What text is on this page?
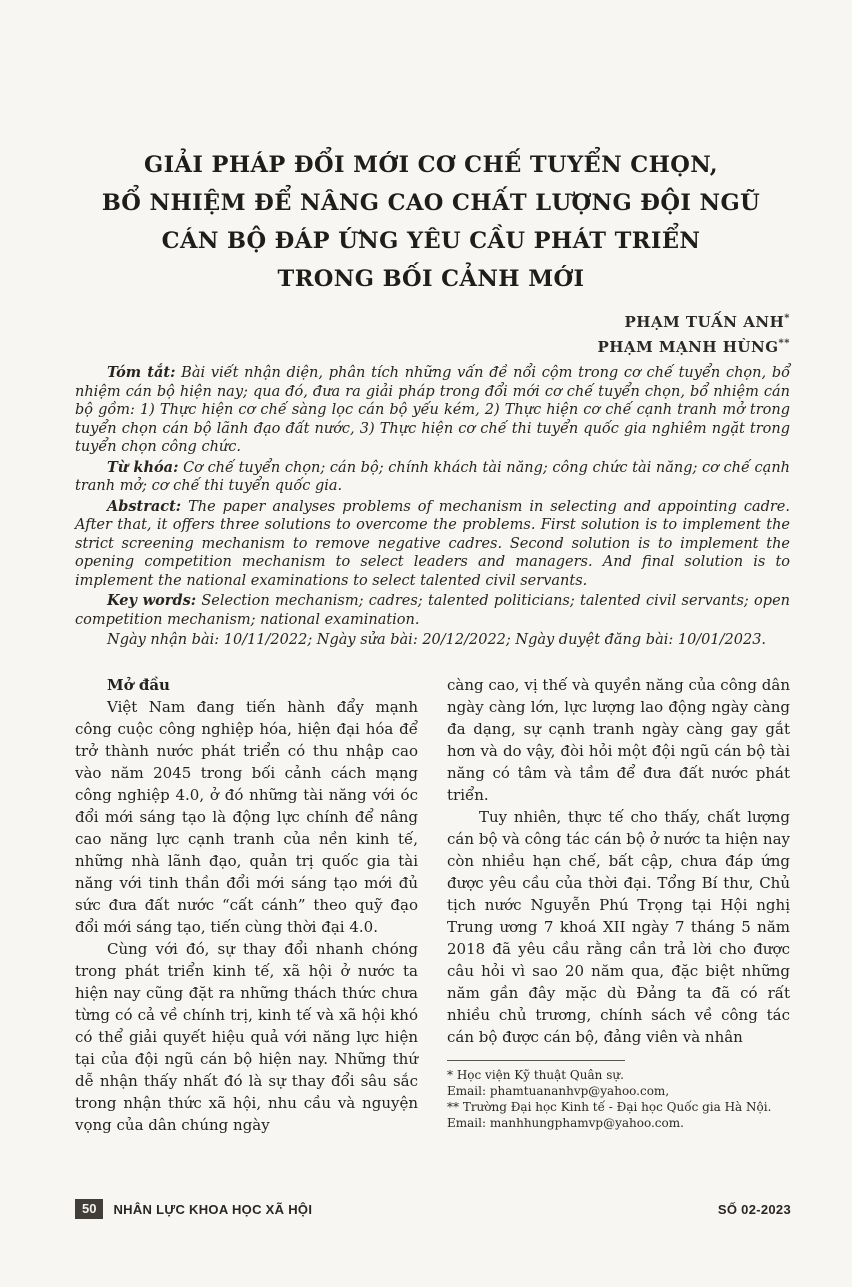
GIẢI PHÁP ĐỔI MỚI CƠ CHẾ TUYỂN CHỌN,
BỔ NHIỆM ĐỂ NÂNG CAO CHẤT LƯỢNG ĐỘI NGŨ
CÁN BỘ ĐÁP ỨNG YÊU CẦU PHÁT TRIỂN
TRONG BỐI CẢNH MỚI
PHẠM TUẤN ANH*
PHẠM MẠNH HÙNG**

Tóm tắt: Bài viết nhận diện, phân tích những vấn đề nổi cộm trong cơ chế tuyển chọn, bổ nhiệm cán bộ hiện nay; qua đó, đưa ra giải pháp trong đổi mới cơ chế tuyển chọn, bổ nhiệm cán bộ gồm: 1) Thực hiện cơ chế sàng lọc cán bộ yếu kém, 2) Thực hiện cơ chế cạnh tranh mở trong tuyển chọn cán bộ lãnh đạo đất nước, 3) Thực hiện cơ chế thi tuyển quốc gia nghiêm ngặt trong tuyển chọn công chức.

Từ khóa: Cơ chế tuyển chọn; cán bộ; chính khách tài năng; công chức tài năng; cơ chế cạnh tranh mở; cơ chế thi tuyển quốc gia.

Abstract: The paper analyses problems of mechanism in selecting and appointing cadre. After that, it offers three solutions to overcome the problems. First solution is to implement the strict screening mechanism to remove negative cadres. Second solution is to implement the opening competition mechanism to select leaders and managers. And final solution is to implement the national examinations to select talented civil servants.

Key words: Selection mechanism; cadres; talented politicians; talented civil servants; open competition mechanism; national examination.

Ngày nhận bài: 10/11/2022; Ngày sửa bài: 20/12/2022; Ngày duyệt đăng bài: 10/01/2023.

Mở đầu

Việt Nam đang tiến hành đẩy mạnh công cuộc công nghiệp hóa, hiện đại hóa để trở thành nước phát triển có thu nhập cao vào năm 2045 trong bối cảnh cách mạng công nghiệp 4.0, ở đó những tài năng với óc đổi mới sáng tạo là động lực chính để nâng cao năng lực cạnh tranh của nền kinh tế, những nhà lãnh đạo, quản trị quốc gia tài năng với tinh thần đổi mới sáng tạo mới đủ sức đưa đất nước “cất cánh” theo quỹ đạo đổi mới sáng tạo, tiến cùng thời đại 4.0.

Cùng với đó, sự thay đổi nhanh chóng trong phát triển kinh tế, xã hội ở nước ta hiện nay cũng đặt ra những thách thức chưa từng có cả về chính trị, kinh tế và xã hội khó có thể giải quyết hiệu quả với năng lực hiện tại của đội ngũ cán bộ hiện nay. Những thứ dễ nhận thấy nhất đó là sự thay đổi sâu sắc trong nhận thức xã hội, nhu cầu và nguyện vọng của dân chúng ngày

càng cao, vị thế và quyền năng của công dân ngày càng lớn, lực lượng lao động ngày càng đa dạng, sự cạnh tranh ngày càng gay gắt hơn và do vậy, đòi hỏi một đội ngũ cán bộ tài năng có tâm và tầm để đưa đất nước phát triển.

Tuy nhiên, thực tế cho thấy, chất lượng cán bộ và công tác cán bộ ở nước ta hiện nay còn nhiều hạn chế, bất cập, chưa đáp ứng được yêu cầu của thời đại. Tổng Bí thư, Chủ tịch nước Nguyễn Phú Trọng tại Hội nghị Trung ương 7 khoá XII ngày 7 tháng 5 năm 2018 đã yêu cầu rằng cần trả lời cho được câu hỏi vì sao 20 năm qua, đặc biệt những năm gần đây mặc dù Đảng ta đã có rất nhiều chủ trương, chính sách về công tác cán bộ được cán bộ, đảng viên và nhân

* Học viện Kỹ thuật Quân sự.
Email: phamtuananhvp@yahoo.com,
** Trường Đại học Kinh tế - Đại học Quốc gia Hà Nội.
Email: manhhungphamvp@yahoo.com.
50	NHÂN LỰC KHOA HỌC XÃ HỘI	SỐ 02-2023
